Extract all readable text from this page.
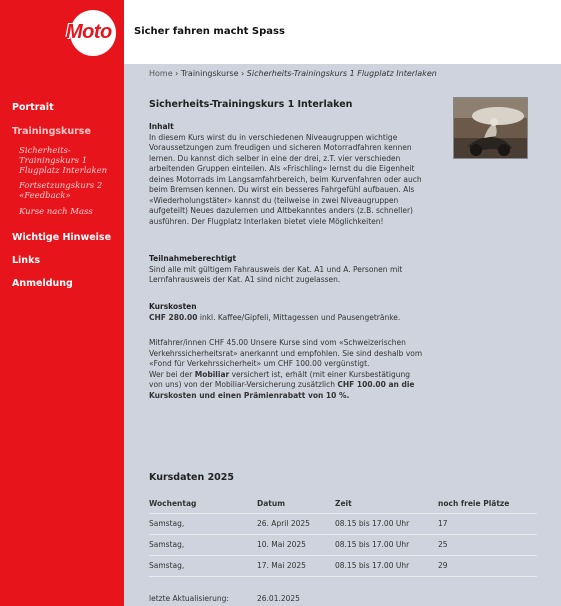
Moto Sicher fahren macht Spass
Portrait
Trainingskurse
Sicherheits-
Trainingskurs 1
Flugplatz Interlaken
Fortsetzungskurs 2
«Feedback»
Kurse nach Mass
Wichtige Hinweise
Links
Anmeldung
Home › Trainingskurse › Sicherheits-Trainingskurs 1 Flugplatz Interlaken
Sicherheits-Trainingskurs 1 Interlaken
Inhalt
In diesem Kurs wirst du in verschiedenen Niveaugruppen wichtige
Voraussetzungen zum freudigen und sicheren Motorradfahren kennen
lernen. Du kannst dich selber in eine der drei, z.T. vier verschieden
arbeitenden Gruppen einteilen. Als «Frischling» lernst du die Eigenheit
deines Motorrads im Langsamfahrbereich, beim Kurvenfahren oder auch
beim Bremsen kennen. Du wirst ein besseres Fahrgefühl aufbauen. Als
«Wiederholungstäter» kannst du (teilweise in zwei Niveaugruppen
aufgeteilt) Neues dazulernen und Altbekanntes anders (z.B. schneller)
ausführen. Der Flugplatz Interlaken bietet viele Möglichkeiten!
Teilnahmeberechtigt
Sind alle mit gültigem Fahrausweis der Kat. A1 und A. Personen mit
Lernfahrausweis der Kat. A1 sind nicht zugelassen.
Kurskosten
CHF 280.00 inkl. Kaffee/Gipfeli, Mittagessen und Pausengetränke.
Mitfahrer/innen CHF 45.00 Unsere Kurse sind vom «Schweizerischen
Verkehrssicherheitsrat» anerkannt und empfohlen. Sie sind deshalb vom
«Fond für Verkehrssicherheit» um CHF 100.00 vergünstigt.
Wer bei der Mobiliar versichert ist, erhält (mit einer Kursbestätigung
von uns) von der Mobiliar-Versicherung zusätzlich CHF 100.00 an die
Kurskosten und einen Prämienrabatt von 10 %.
Kursdaten 2025
Wochentag	Datum	Zeit	noch freie Plätze
Samstag,	26. April 2025	08.15 bis 17.00 Uhr	17
Samstag,	10. Mai 2025	08.15 bis 17.00 Uhr	25
Samstag,	17. Mai 2025	08.15 bis 17.00 Uhr	29
letzte Aktualisierung:	26.01.2025
